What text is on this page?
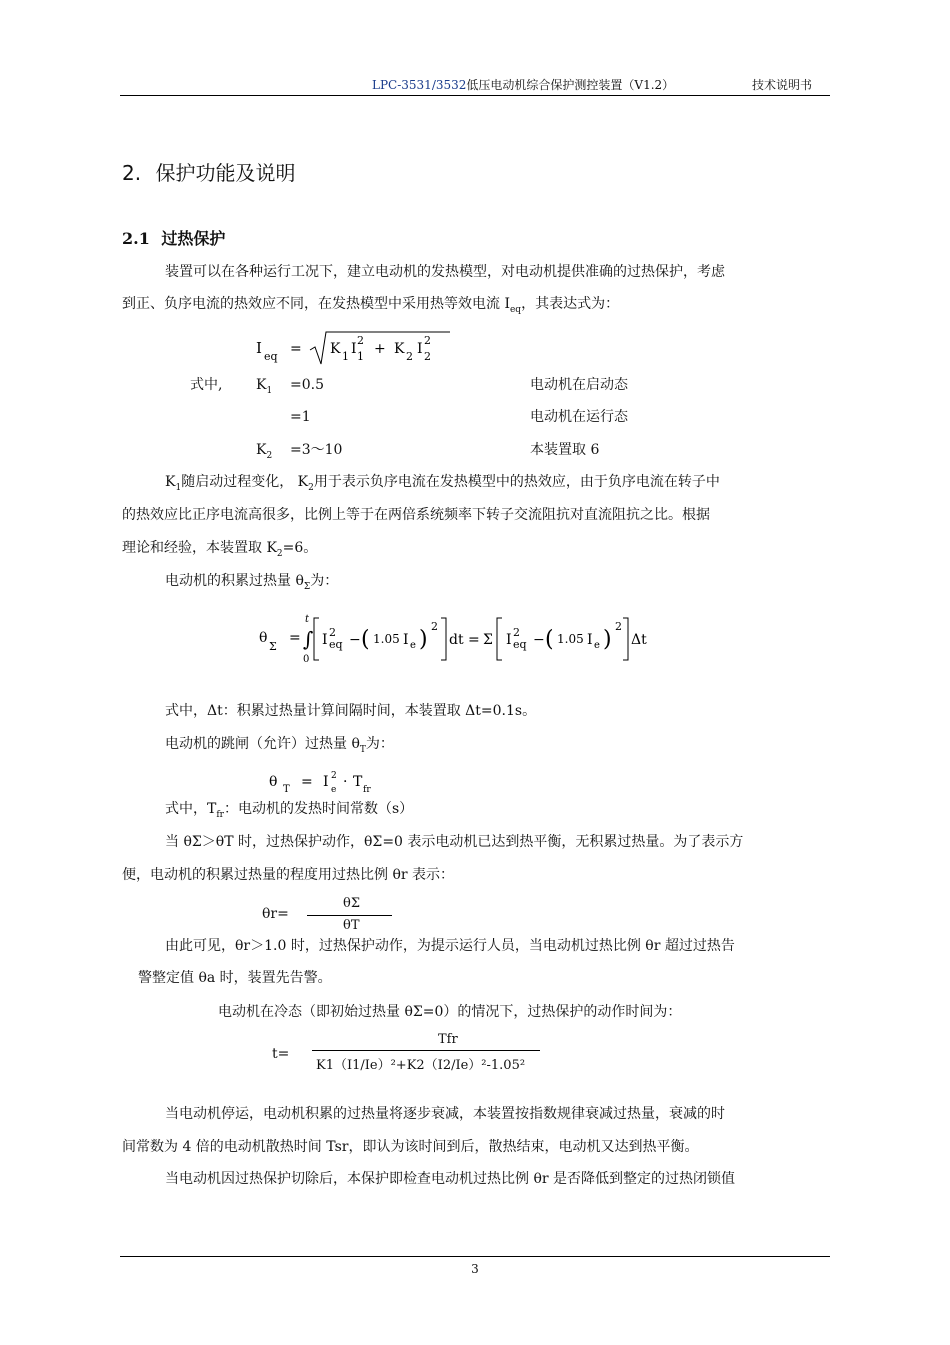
LPC-3531/3532低压电动机综合保护测控装置（V1.2）	技术说明书
2. 保护功能及说明
2.1 过热保护
装置可以在各种运行工况下，建立电动机的发热模型，对电动机提供准确的过热保护，考虑
到正、负序电流的热效应不同，在发热模型中采用热等效电流 $I_{eq}$，其表达式为：
I eq = K 1 I 1
2
+ K 2 I 2
2
式中, $K_1 =0.5$	电动机在启动态
=1	电动机在运行态
$K_2$ =3～10	本装置取 6
$K_1$随启动过程变化， $K_2$用于表示负序电流在发热模型中的热效应，由于负序电流在转子中
的热效应比正序电流高很多，比例上等于在两倍系统频率下转子交流阻抗对直流阻抗之比。根据
理论和经验，本装置取 $K_2=6$。
电动机的积累过热量 $\theta_\Sigma$为：
θ
Σ
= ∫
t
0
I 2
eq − ( 1.05 I e )
2
dt = Σ I 2
eq − ( 1.05 I e )
2
Δt
式中，Δt：积累过热量计算间隔时间，本装置取 Δt=0.1s。
电动机的跳闸（允许）过热量 $\theta_T$为：
θ T = I 2
e · T fr
式中，$T_{fr}$：电动机的发热时间常数（s）
当 θΣ＞θT 时，过热保护动作，θΣ=0 表示电动机已达到热平衡，无积累过热量。为了表示方
便，电动机的积累过热量的程度用过热比例 θr 表示：
θr=
θΣ
θT
由此可见，θr＞1.0 时，过热保护动作，为提示运行人员，当电动机过热比例 θr 超过过热告
警整定值 θa 时，装置先告警。
电动机在冷态（即初始过热量 θΣ=0）的情况下，过热保护的动作时间为：
t=
Tfr
K1（I1/Ie）²+K2（I2/Ie）²-1.05²
当电动机停运，电动机积累的过热量将逐步衰减，本装置按指数规律衰减过热量，衰减的时
间常数为 4 倍的电动机散热时间 Tsr，即认为该时间到后，散热结束，电动机又达到热平衡。
当电动机因过热保护切除后，本保护即检查电动机过热比例 θr 是否降低到整定的过热闭锁值
3
